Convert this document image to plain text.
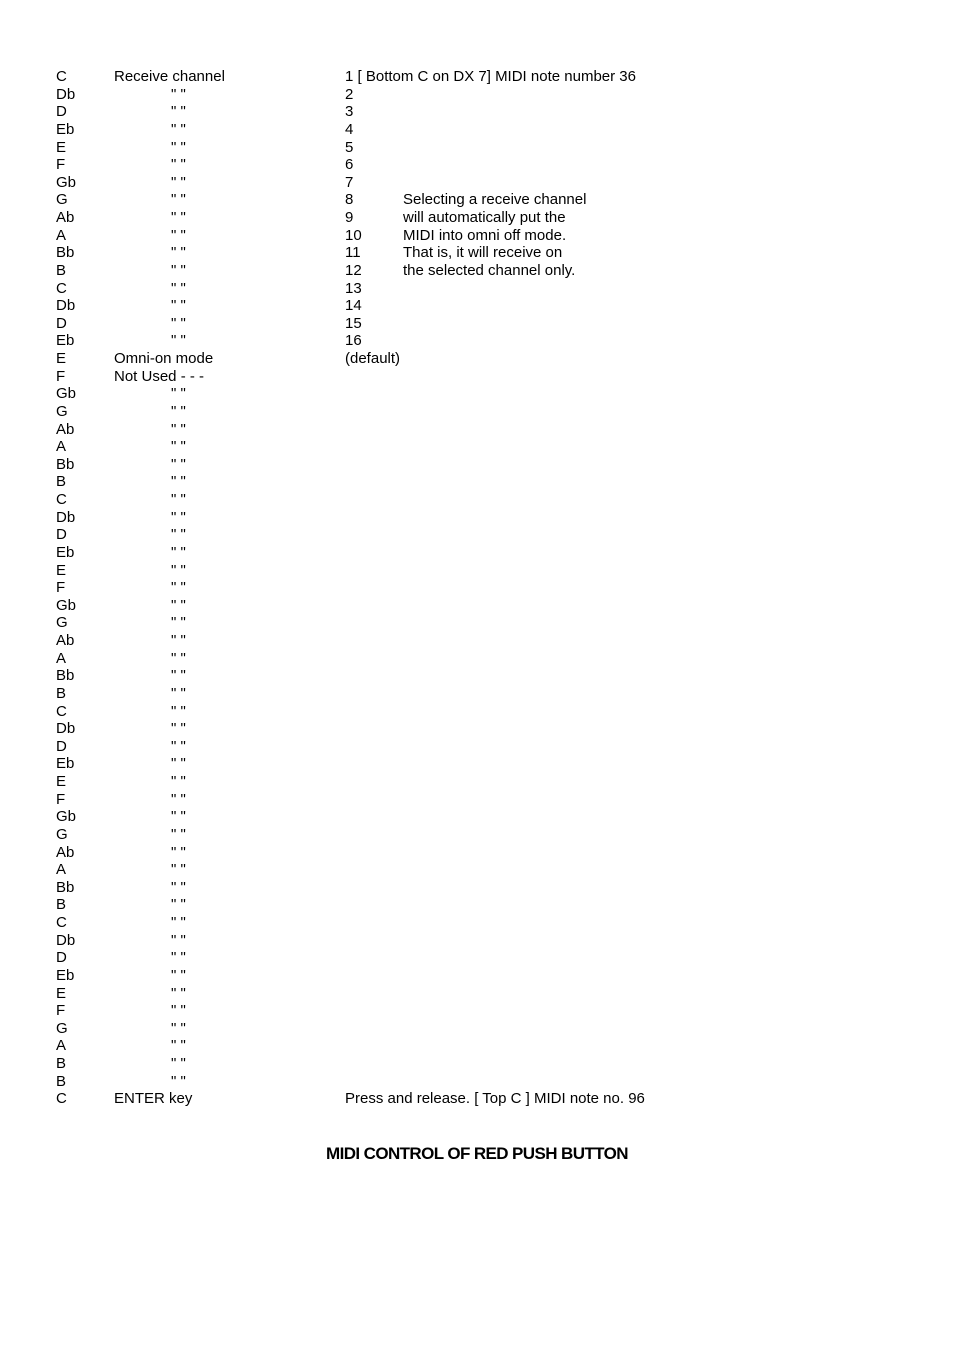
C	Receive channel	1 [ Bottom C on DX 7] MIDI note number 36
Db	" "	2
D	" "	3
Eb	" "	4
E	" "	5
F	" "	6
Gb	" "	7
G	" "	8	Selecting a receive channel
Ab	" "	9	will automatically put the
A	" "	10	MIDI into omni off mode.
Bb	" "	11	That is, it will receive on
B	" "	12	the selected channel only.
C	" "	13
Db	" "	14
D	" "	15
Eb	" "	16
E	Omni-on mode	(default)
F	Not Used - - -
Gb	" "
G	" "
Ab	" "
A	" "
Bb	" "
B	" "
C	" "
Db	" "
D	" "
Eb	" "
E	" "
F	" "
Gb	" "
G	" "
Ab	" "
A	" "
Bb	" "
B	" "
C	" "
Db	" "
D	" "
Eb	" "
E	" "
F	" "
Gb	" "
G	" "
Ab	" "
A	" "
Bb	" "
B	" "
C	" "
Db	" "
D	" "
Eb	" "
E	" "
F	" "
G	" "
A	" "
B	" "
B	" "
C	ENTER key	Press and release. [ Top C ] MIDI note no. 96
MIDI CONTROL OF RED PUSH BUTTON
